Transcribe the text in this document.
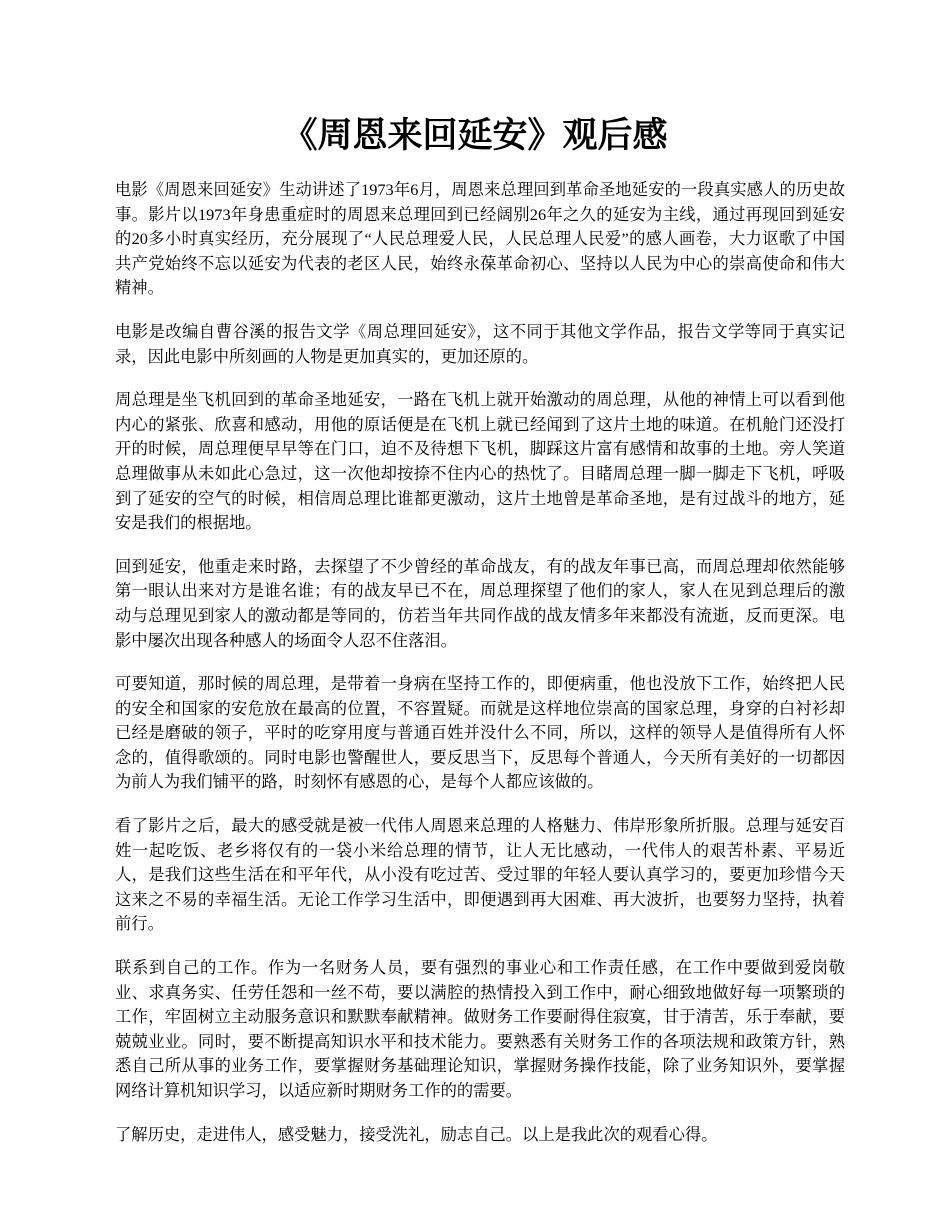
《周恩来回延安》观后感

电影《周恩来回延安》生动讲述了1973年6月，周恩来总理回到革命圣地延安的一段真实感人的历史故事。影片以1973年身患重症时的周恩来总理回到已经阔别26年之久的延安为主线，通过再现回到延安的20多小时真实经历，充分展现了“人民总理爱人民，人民总理人民爱”的感人画卷，大力讴歌了中国共产党始终不忘以延安为代表的老区人民，始终永葆革命初心、坚持以人民为中心的崇高使命和伟大精神。

电影是改编自曹谷溪的报告文学《周总理回延安》，这不同于其他文学作品，报告文学等同于真实记录，因此电影中所刻画的人物是更加真实的，更加还原的。

周总理是坐飞机回到的革命圣地延安，一路在飞机上就开始激动的周总理，从他的神情上可以看到他内心的紧张、欣喜和感动，用他的原话便是在飞机上就已经闻到了这片土地的味道。在机舱门还没打开的时候，周总理便早早等在门口，迫不及待想下飞机，脚踩这片富有感情和故事的土地。旁人笑道总理做事从未如此心急过，这一次他却按捺不住内心的热忱了。目睹周总理一脚一脚走下飞机，呼吸到了延安的空气的时候，相信周总理比谁都更激动，这片土地曾是革命圣地，是有过战斗的地方，延安是我们的根据地。

回到延安，他重走来时路，去探望了不少曾经的革命战友，有的战友年事已高，而周总理却依然能够第一眼认出来对方是谁名谁；有的战友早已不在，周总理探望了他们的家人，家人在见到总理后的激动与总理见到家人的激动都是等同的，仿若当年共同作战的战友情多年来都没有流逝，反而更深。电影中屡次出现各种感人的场面令人忍不住落泪。

可要知道，那时候的周总理，是带着一身病在坚持工作的，即便病重，他也没放下工作，始终把人民的安全和国家的安危放在最高的位置，不容置疑。而就是这样地位崇高的国家总理，身穿的白衬衫却已经是磨破的领子，平时的吃穿用度与普通百姓并没什么不同，所以，这样的领导人是值得所有人怀念的，值得歌颂的。同时电影也警醒世人，要反思当下，反思每个普通人，今天所有美好的一切都因为前人为我们铺平的路，时刻怀有感恩的心，是每个人都应该做的。

看了影片之后，最大的感受就是被一代伟人周恩来总理的人格魅力、伟岸形象所折服。总理与延安百姓一起吃饭、老乡将仅有的一袋小米给总理的情节，让人无比感动，一代伟人的艰苦朴素、平易近人，是我们这些生活在和平年代，从小没有吃过苦、受过罪的年轻人要认真学习的，要更加珍惜今天这来之不易的幸福生活。无论工作学习生活中，即便遇到再大困难、再大波折，也要努力坚持，执着前行。

联系到自己的工作。作为一名财务人员，要有强烈的事业心和工作责任感，在工作中要做到爱岗敬业、求真务实、任劳任怨和一丝不苟，要以满腔的热情投入到工作中，耐心细致地做好每一项繁琐的工作，牢固树立主动服务意识和默默奉献精神。做财务工作要耐得住寂寞，甘于清苦，乐于奉献，要兢兢业业。同时，要不断提高知识水平和技术能力。要熟悉有关财务工作的各项法规和政策方针，熟悉自己所从事的业务工作，要掌握财务基础理论知识，掌握财务操作技能，除了业务知识外，要掌握网络计算机知识学习，以适应新时期财务工作的的需要。

了解历史，走进伟人，感受魅力，接受洗礼，励志自己。以上是我此次的观看心得。
